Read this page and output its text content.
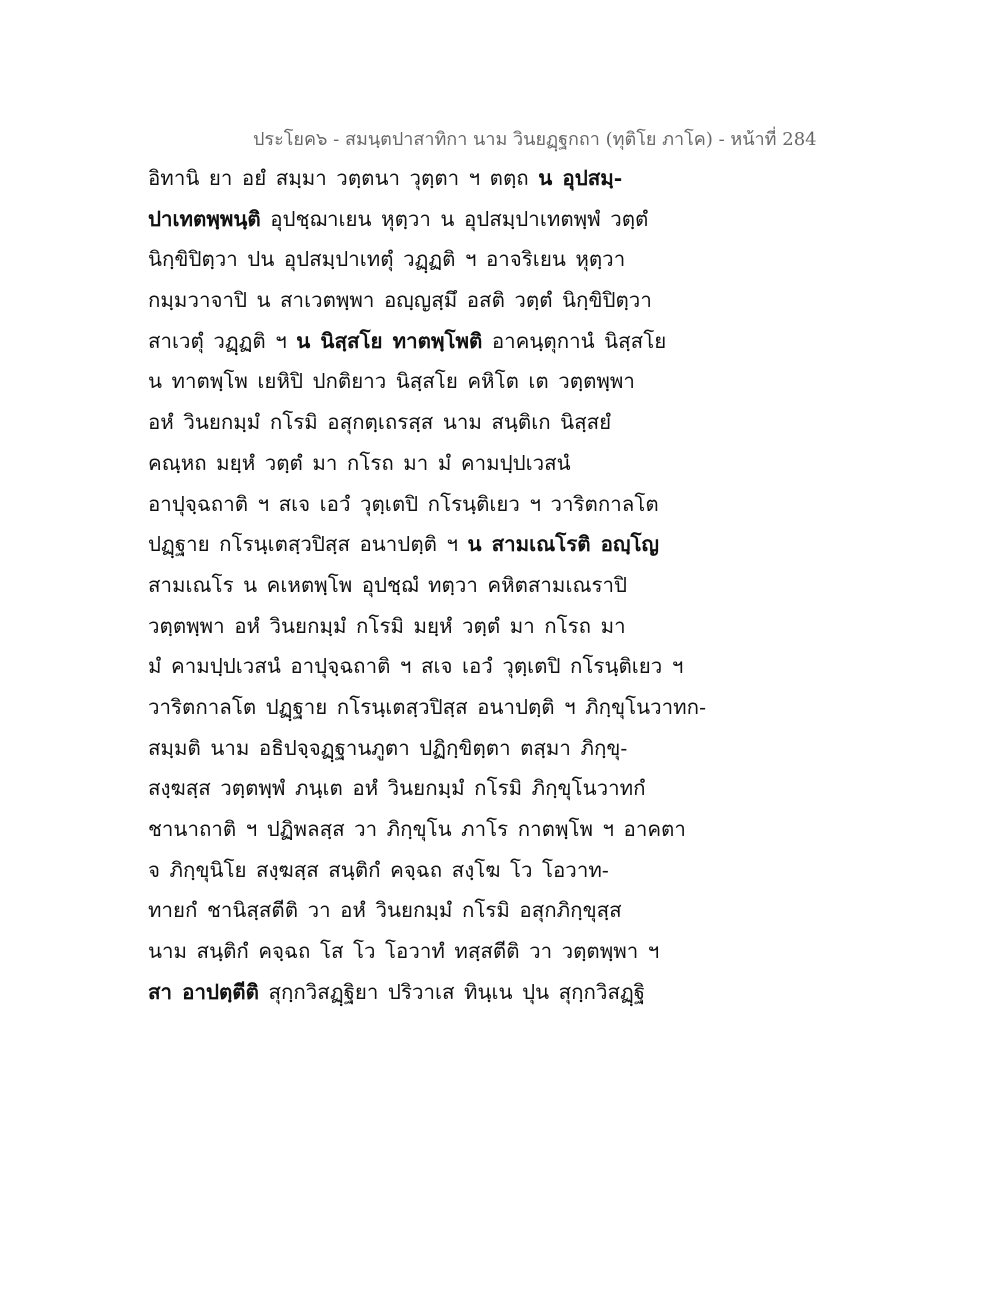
ประโยค๖ - สมนฺตปาสาทิกา นาม วินยฏฺฐกถา (ทุติโย ภาโค) - หน้าที่ 284
อิทานิ ยา อยํ สมฺมา วตฺตนา วุตฺตา ฯ ตตฺถ น อุปสมฺ-
ปาเทตพฺพนฺติ อุปชฺฌาเยน หุตฺวา น อุปสมฺปาเทตพฺพํ วตฺตํ
นิกฺขิปิตฺวา ปน อุปสมฺปาเทตุํ วฏฺฏติ ฯ อาจริเยน หุตฺวา
กมฺมวาจาปิ น สาเวตพฺพา อญฺญสฺมึ อสติ วตฺตํ นิกฺขิปิตฺวา
สาเวตุํ วฏฺฏติ ฯ น นิสฺสโย ทาตพฺโพติ อาคนฺตุกานํ นิสฺสโย
น ทาตพฺโพ เยหิปิ ปกติยาว นิสฺสโย คหิโต เต วตฺตพฺพา
อหํ วินยกมฺมํ กโรมิ อสุกตฺเถรสฺส นาม สนฺติเก นิสฺสยํ
คณฺหถ มยฺหํ วตฺตํ มา กโรถ มา มํ คามปฺปเวสนํ
อาปุจฺฉถาติ ฯ สเจ เอวํ วุตฺเตปิ กโรนฺติเยว ฯ วาริตกาลโต
ปฏฺฐาย กโรนฺเตสฺวปิสฺส อนาปตฺติ ฯ น สามเณโรติ อญฺโญ
สามเณโร น คเหตพฺโพ อุปชฺฌํ ทตฺวา คหิตสามเณราปิ
วตฺตพฺพา อหํ วินยกมฺมํ กโรมิ มยฺหํ วตฺตํ มา กโรถ มา
มํ คามปฺปเวสนํ อาปุจฺฉถาติ ฯ สเจ เอวํ วุตฺเตปิ กโรนฺติเยว ฯ
วาริตกาลโต ปฏฺฐาย กโรนฺเตสฺวปิสฺส อนาปตฺติ ฯ ภิกฺขุโนวาทก-
สมฺมติ นาม อธิปจฺจฏฺฐานภูตา ปฏิกฺขิตฺตา ตสฺมา ภิกฺขุ-
สงฺฆสฺส วตฺตพฺพํ ภนฺเต อหํ วินยกมฺมํ กโรมิ ภิกฺขุโนวาทกํ
ชานาถาติ ฯ ปฏิพลสฺส วา ภิกฺขุโน ภาโร กาตพฺโพ ฯ อาคตา
จ ภิกฺขุนิโย สงฺฆสฺส สนฺติกํ คจฺฉถ สงฺโฆ โว โอวาท-
ทายกํ ชานิสฺสตีติ วา อหํ วินยกมฺมํ กโรมิ อสุกภิกฺขุสฺส
นาม สนฺติกํ คจฺฉถ โส โว โอวาทํ ทสฺสตีติ วา วตฺตพฺพา ฯ
สา อาปตฺตีติ สุกฺกวิสฏฺฐิยา ปริวาเส ทินฺเน ปุน สุกฺกวิสฏฺฐิ
